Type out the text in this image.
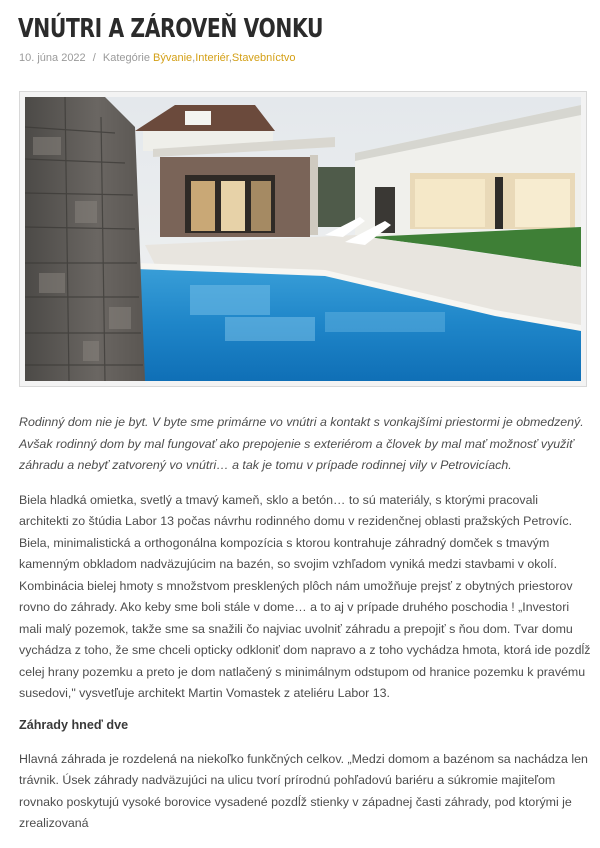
VNÚTRI A ZÁROVEŇ VONKU
10. júna 2022 / Kategórie Bývanie,Interiér,Stavebníctvo

Rodinný dom nie je byt. V byte sme primárne vo vnútri a kontakt s vonkajšími priestormi je obmedzený. Avšak rodinný dom by mal fungovať ako prepojenie s exteriérom a človek by mal mať možnosť využiť záhradu a nebyť zatvorený vo vnútri… a tak je tomu v prípade rodinnej vily v Petrovicíach.

Biela hladká omietka, svetlý a tmavý kameň, sklo a betón… to sú materiály, s ktorými pracovali architekti zo štúdia Labor 13 počas návrhu rodinného domu v rezidenčnej oblasti pražských Petrovíc. Biela, minimalistická a orthogonálna kompozícia s ktorou kontrahuje záhradný domček s tmavým kamenným obkladom nadväzujúcim na bazén, so svojim vzhľadom vyniká medzi stavbami v okolí. Kombinácia bielej hmoty s množstvom presklených plôch nám umožňuje prejsť z obytných priestorov rovno do záhrady. Ako keby sme boli stále v dome… a to aj v prípade druhého poschodia ! „Investori mali malý pozemok, takže sme sa snažili čo najviac uvolniť záhradu a prepojiť s ňou dom. Tvar domu vychádza z toho, že sme chceli opticky odkloniť dom napravo a z toho vychádza hmota, ktorá ide pozdĺž celej hrany pozemku a preto je dom natlačený s minimálnym odstupom od hranice pozemku k pravému susedovi," vysvetľuje architekt Martin Vomastek z ateliéru Labor 13.

Záhrady hneď dve

Hlavná záhrada je rozdelená na niekoľko funkčných celkov. „Medzi domom a bazénom sa nachádza len trávnik. Úsek záhrady nadväzujúci na ulicu tvorí prírodnú pohľadovú bariéru a súkromie majiteľom rovnako poskytujú vysoké borovice vysadené pozdĺž stienky v západnej časti záhrady, pod ktorými je zrealizovaná
